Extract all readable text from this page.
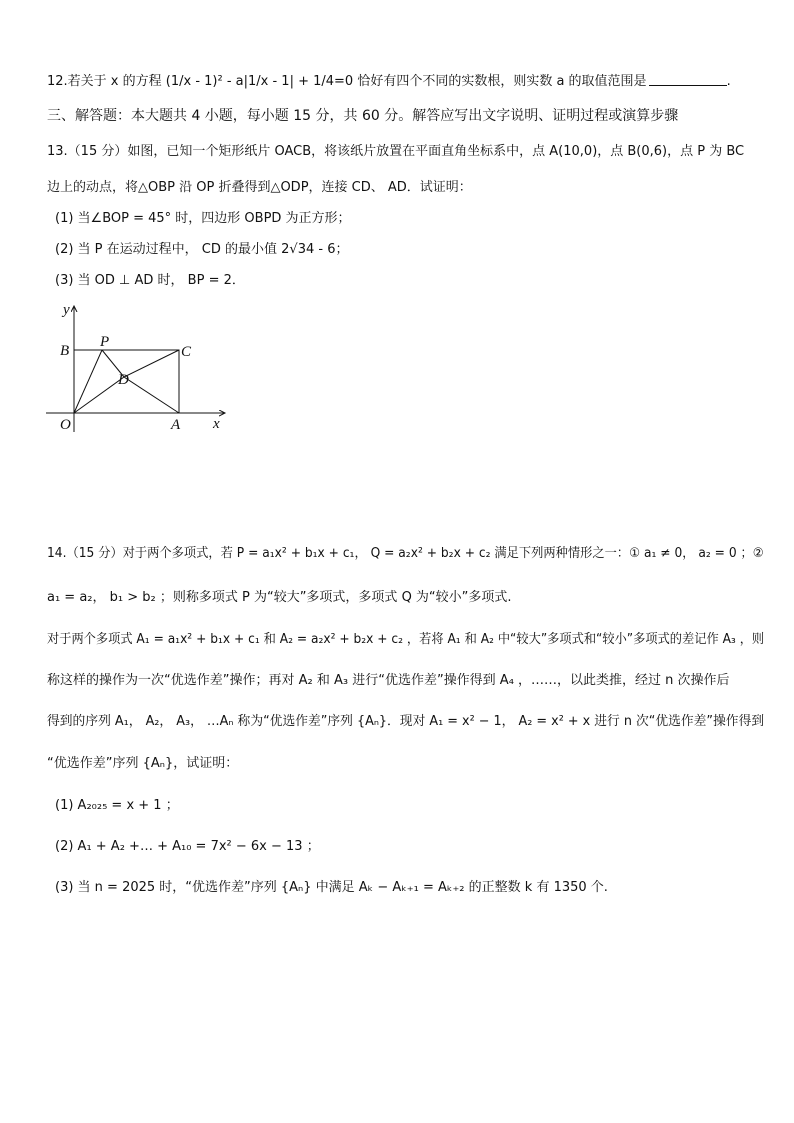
12.若关于 x 的方程 (1/x - 1)² - a|1/x - 1| + 1/4=0 恰好有四个不同的实数根，则实数 a 的取值范围是	.
三、解答题：本大题共 4 小题，每小题 15 分，共 60 分。解答应写出文字说明、证明过程或演算步骤
13.（15 分）如图，已知一个矩形纸片 OACB，将该纸片放置在平面直角坐标系中，点 A(10,0)，点 B(0,6)，点 P 为 BC
边上的动点，将△OBP 沿 OP 折叠得到△ODP，连接 CD、 AD．试证明：
(1) 当∠BOP = 45° 时，四边形 OBPD 为正方形；
(2) 当 P 在运动过程中， CD 的最小值 2√34 - 6；
(3) 当 OD ⊥ AD 时， BP = 2．
y
x
O	A
B	C
P
D
14.（15 分）对于两个多项式，若 P = a₁x² + b₁x + c₁， Q = a₂x² + b₂x + c₂ 满足下列两种情形之一：① a₁ ≠ 0， a₂ = 0 ；②
a₁ = a₂， b₁ > b₂ ；则称多项式 P 为“较大”多项式，多项式 Q 为“较小”多项式.
对于两个多项式 A₁ = a₁x² + b₁x + c₁ 和 A₂ = a₂x² + b₂x + c₂ ，若将 A₁ 和 A₂ 中“较大”多项式和“较小”多项式的差记作 A₃ ，则
称这样的操作为一次“优选作差”操作；再对 A₂ 和 A₃ 进行“优选作差”操作得到 A₄ ，……，以此类推，经过 n 次操作后
得到的序列 A₁， A₂， A₃， …Aₙ 称为“优选作差”序列 {Aₙ}．现对 A₁ = x² − 1， A₂ = x² + x 进行 n 次“优选作差”操作得到
“优选作差”序列 {Aₙ}，试证明：
(1) A₂₀₂₅ = x + 1 ；
(2) A₁ + A₂ +… + A₁₀ = 7x² − 6x − 13 ；
(3) 当 n = 2025 时，“优选作差”序列 {Aₙ} 中满足 Aₖ − Aₖ₊₁ = Aₖ₊₂ 的正整数 k 有 1350 个.
